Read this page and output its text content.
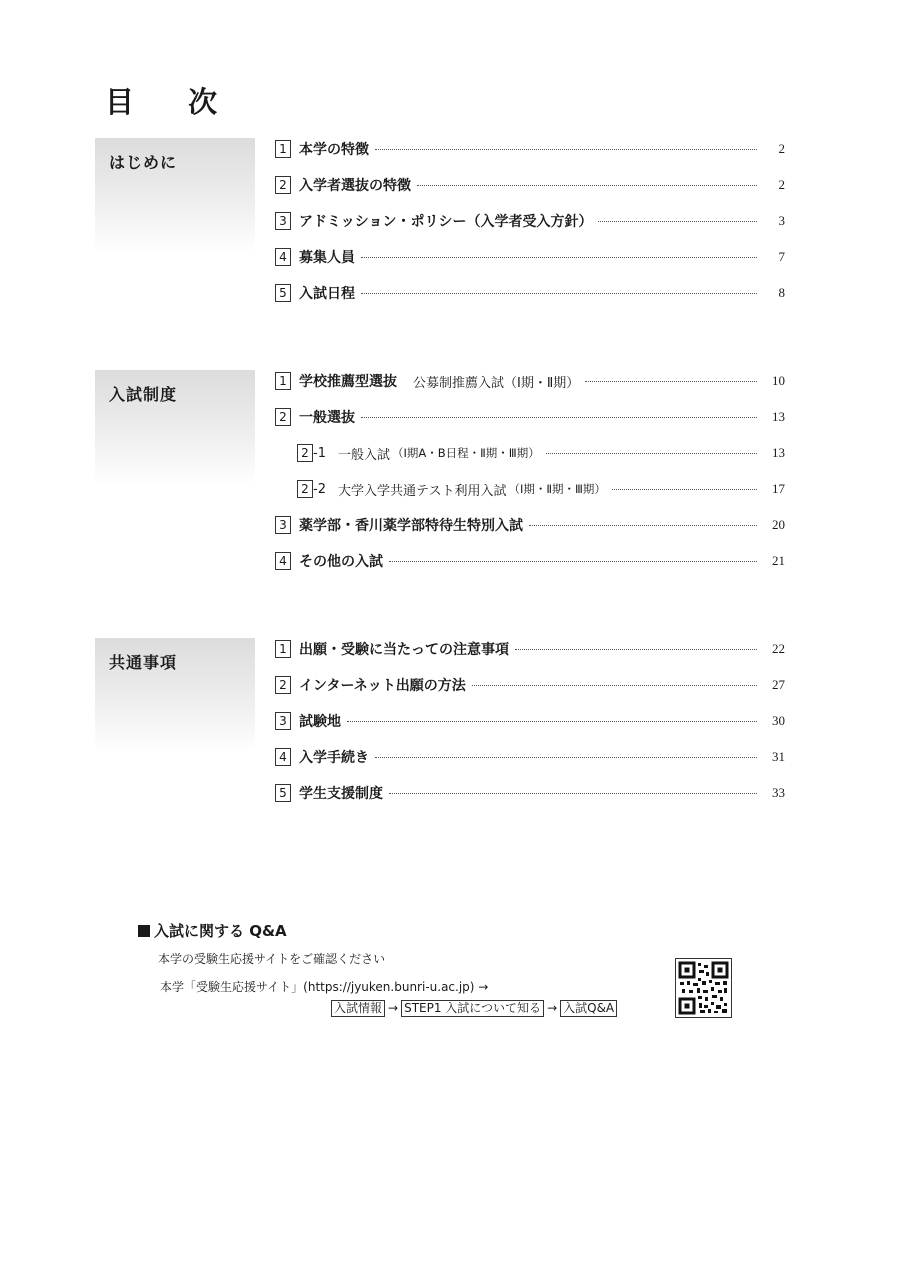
目 次
はじめに
1 本学の特徴	2
2 入学者選抜の特徴	2
3 アドミッション・ポリシー（入学者受入方針）	3
4 募集人員	7
5 入試日程	8
入試制度
1 学校推薦型選抜 公募制推薦入試（Ⅰ期・Ⅱ期）	10
2 一般選抜	13
2 -1 一般入試 （Ⅰ期A・B日程・Ⅱ期・Ⅲ期）	13
2 -2 大学入学共通テスト利用入試 （Ⅰ期・Ⅱ期・Ⅲ期）	17
3 薬学部・香川薬学部特待生特別入試	20
4 その他の入試	21
共通事項
1 出願・受験に当たっての注意事項	22
2 インターネット出願の方法	27
3 試験地	30
4 入学手続き	31
5 学生支援制度	33
入試に関する Q&A
本学の受験生応援サイトをご確認ください
本学「受験生応援サイト」(https://jyuken.bunri-u.ac.jp) →
入試情報 → STEP1 入試について知る → 入試Q&A
